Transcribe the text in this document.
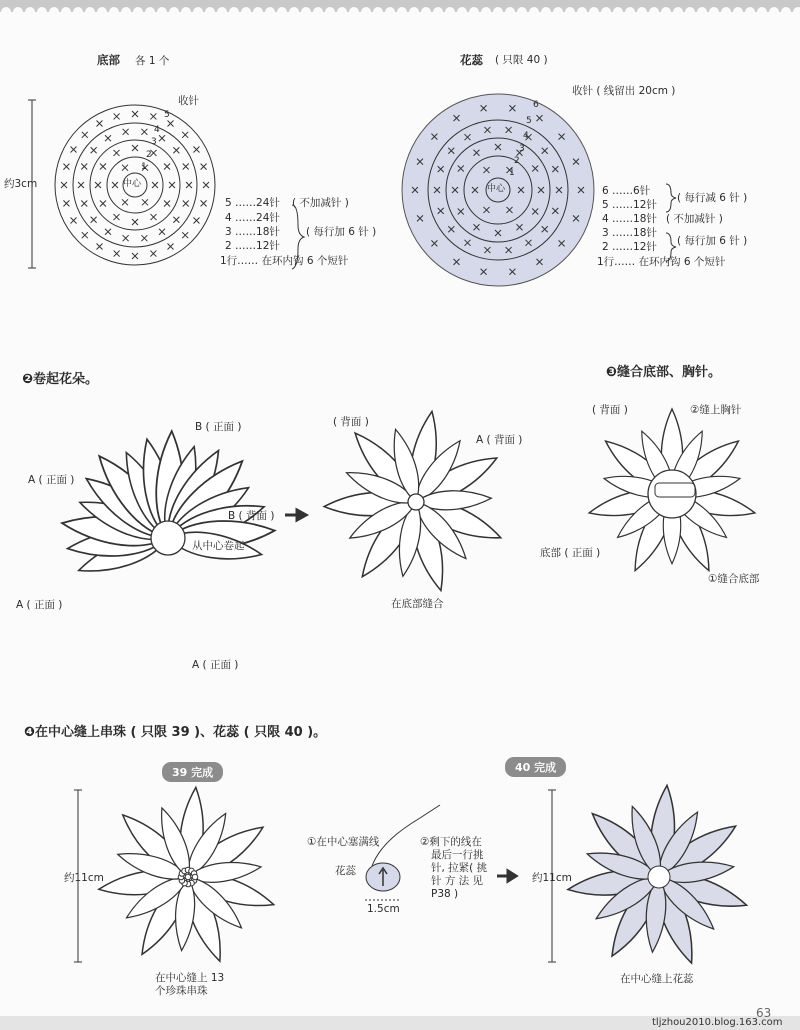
底部 各 1 个
约3cm
收针
中心
5 ……24针 ( 不加减针 )
4 ……24针
3 ……18针 ( 每行加 6 针 )
2 ……12针
1行…… 在环内钩 6 个短针
5
4
3
2
1
花蕊 ( 只限 40 )
收针 ( 线留出 20cm )
中心	6 ……6针
5 ……12针
( 每行减 6 针 )
4 ……18针 ( 不加减针 )
3 ……18针
( 每行加 6 针 )
2 ……12针
1行…… 在环内钩 6 个短针
6
5
4
3
2
1
❷卷起花朵。
B ( 正面 )
A ( 正面 )
B ( 背面 )
从中心卷起
A ( 正面 )
A ( 正面 )
( 背面 )
A ( 背面 )
在底部缝合
❸缝合底部、胸针。
( 背面 )	②缝上胸针
底部 ( 正面 )
①缝合底部
❹在中心缝上串珠 ( 只限 39 )、花蕊 ( 只限 40 )。
39 完成	40 完成
约11cm	约11cm
①在中心塞满线	②剩下的线在
最后一行挑
针, 拉紧( 挑
针 方 法 见
P38 )
花蕊
1.5cm
在中心缝上 13
个珍珠串珠
在中心缝上花蕊
63
tljzhou2010.blog.163.com
